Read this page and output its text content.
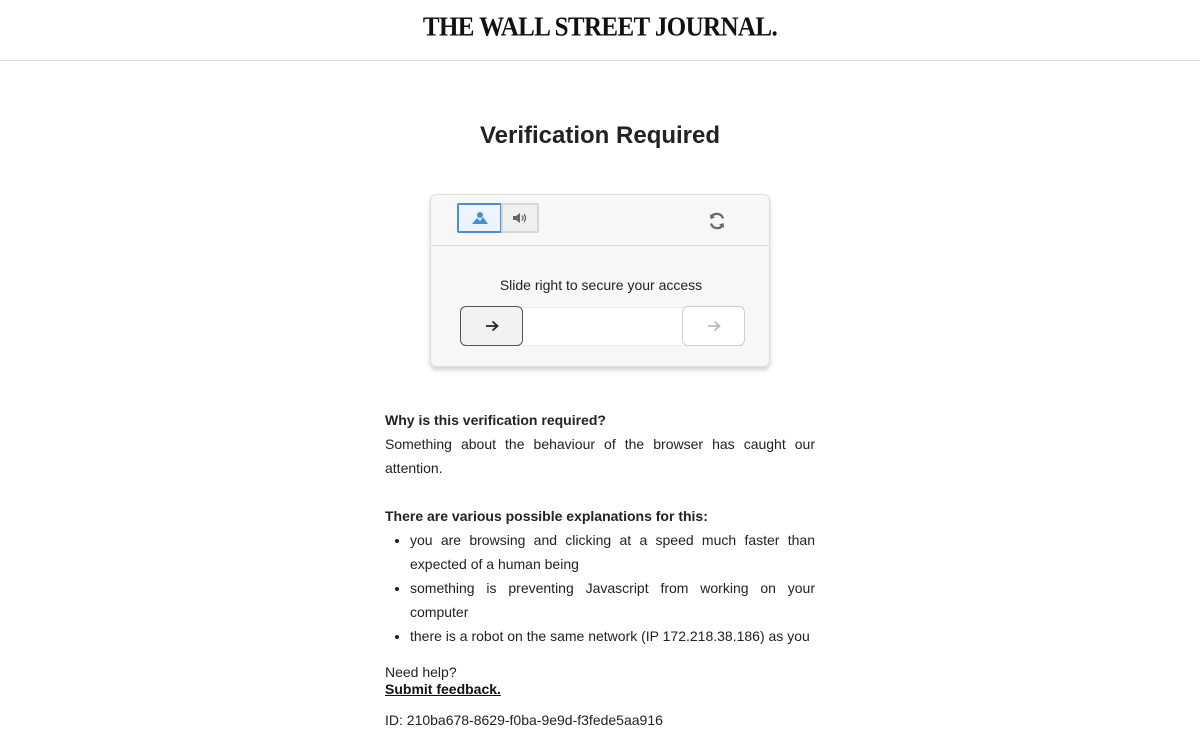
THE WALL STREET JOURNAL.
Verification Required
Slide right to secure your access

Why is this verification required?

Something about the behaviour of the browser has caught our attention.

There are various possible explanations for this:

• you are browsing and clicking at a speed much faster than expected of a human being
• something is preventing Javascript from working on your computer
• there is a robot on the same network (IP 172.218.38.186) as you
Need help?
Submit feedback.
ID: 210ba678-8629-f0ba-9e9d-f3fede5aa916
